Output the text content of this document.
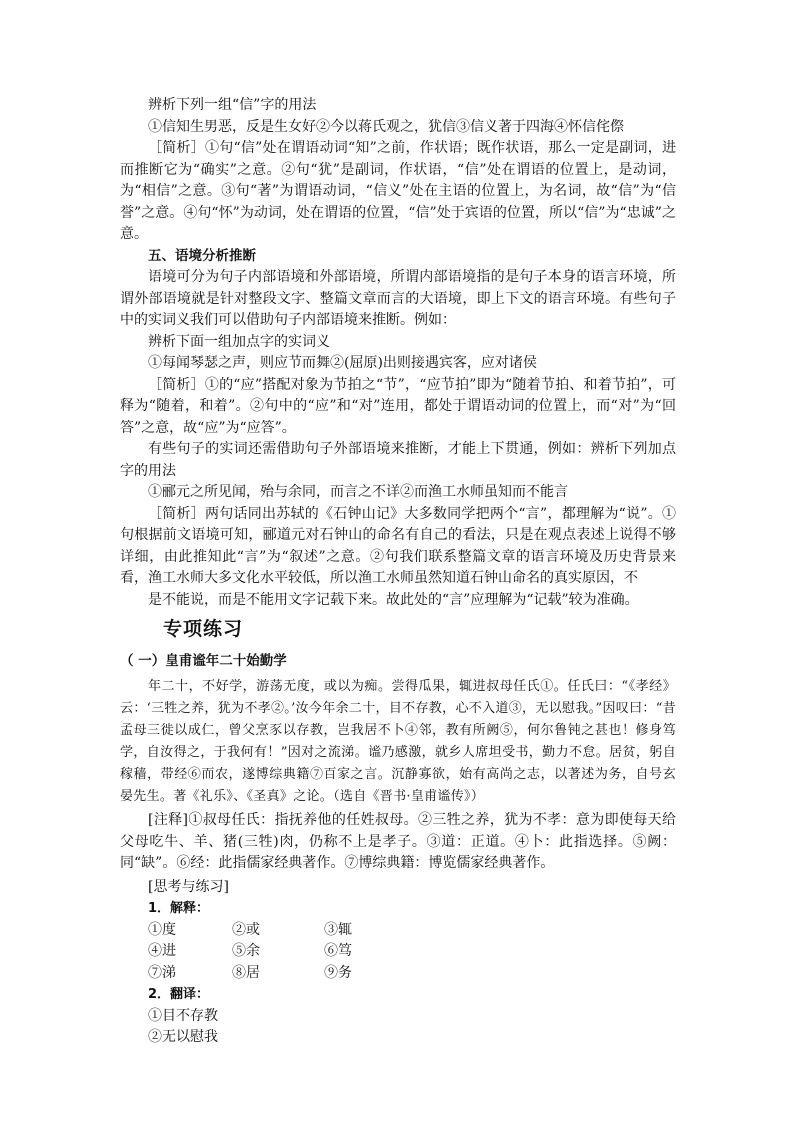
辨析下列一组“信”字的用法

①信知生男恶，反是生女好②今以蒋氏观之，犹信③信义著于四海④怀信侘傺

［简析］①句“信”处在谓语动词“知”之前，作状语；既作状语，那么一定是副词，进而推断它为“确实”之意。②句“犹”是副词，作状语，“信”处在谓语的位置上，是动词，为“相信”之意。③句“著”为谓语动词，“信义”处在主语的位置上，为名词，故“信”为“信誉”之意。④句“怀”为动词，处在谓语的位置，“信”处于宾语的位置，所以“信”为“忠诚”之意。

五、语境分析推断

语境可分为句子内部语境和外部语境，所谓内部语境指的是句子本身的语言环境，所谓外部语境就是针对整段文字、整篇文章而言的大语境，即上下文的语言环境。有些句子中的实词义我们可以借助句子内部语境来推断。例如：

辨析下面一组加点字的实词义

①每闻琴瑟之声，则应节而舞②(屈原)出则接遇宾客，应对诸侯

［简析］①的“应”搭配对象为节拍之“节”，“应节拍”即为“随着节拍、和着节拍”，可释为“随着，和着”。②句中的“应”和“对”连用，都处于谓语动词的位置上，而“对”为“回答”之意，故“应”为“应答”。

有些句子的实词还需借助句子外部语境来推断，才能上下贯通，例如：辨析下列加点字的用法

①郦元之所见闻，殆与余同，而言之不详②而渔工水师虽知而不能言

［简析］两句话同出苏轼的《石钟山记》大多数同学把两个“言”，都理解为“说”。①句根据前文语境可知，郦道元对石钟山的命名有自己的看法，只是在观点表述上说得不够详细，由此推知此“言”为“叙述”之意。②句我们联系整篇文章的语言环境及历史背景来看，渔工水师大多文化水平较低，所以渔工水师虽然知道石钟山命名的真实原因，不

是不能说，而是不能用文字记载下来。故此处的“言”应理解为“记载”较为准确。

专项练习
（ 一）皇甫谧年二十始勤学

年二十，不好学，游荡无度，或以为痴。尝得瓜果，辄进叔母任氏①。任氏曰：“《孝经》云：‘三牲之养，犹为不孝②。’汝今年余二十，目不存教，心不入道③，无以慰我。”因叹曰：“昔孟母三徙以成仁，曾父烹豕以存教，岂我居不卜④邻，教有所阙⑤，何尔鲁钝之甚也！修身笃学，自汝得之，于我何有！”因对之流涕。谧乃感激，就乡人席坦受书，勤力不怠。居贫，躬自稼穑，带经⑥而农，遂博综典籍⑦百家之言。沉静寡欲，始有高尚之志，以著述为务，自号玄晏先生。著《礼乐》、《圣真》之论。（选自《晋书·皇甫谧传》）

[注释]①叔母任氏：指抚养他的任姓叔母。②三牲之养，犹为不孝：意为即使每天给父母吃牛、羊、猪(三牲)肉，仍称不上是孝子。③道：正道。④卜：此指选择。⑤阙：同“缺”。⑥经：此指儒家经典著作。⑦博综典籍：博览儒家经典著作。

[思考与练习]
1．解释：
①度	②或	③辄
④进	⑤余	⑥笃
⑦涕	⑧居	⑨务
2．翻译：
①目不存教
②无以慰我
